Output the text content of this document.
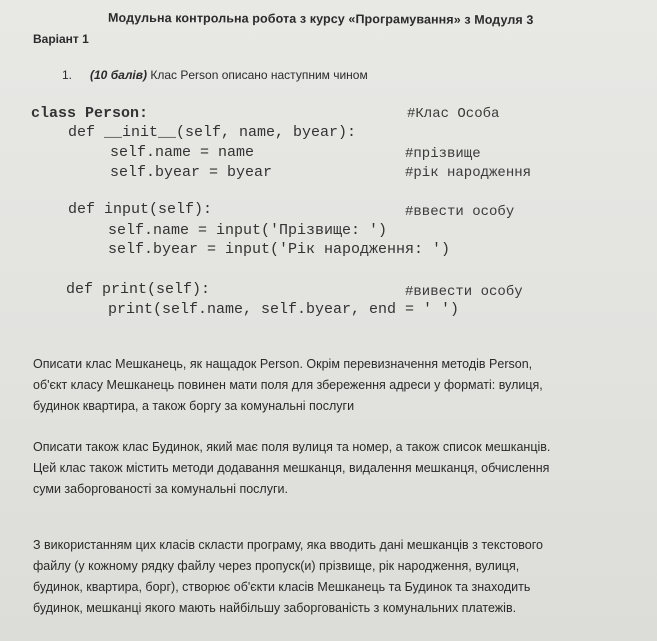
Модульна контрольна робота з курсу «Програмування» з Модуля 3
Варіант 1
1. (10 балів) Клас Person описано наступним чином
class Person:
def __init__(self, name, byear):
self.name = name
self.byear = byear
def input(self):
self.name = input('Прізвище: ')
self.byear = input('Рік народження: ')
def print(self):
print(self.name, self.byear, end = ' ')
#Клас Особа
#прізвище
#рік народження
#ввести особу
#вивести особу
Описати клас Мешканець, як нащадок Person. Окрім перевизначення методів Person,
об'єкт класу Мешканець повинен мати поля для збереження адреси у форматі: вулиця,
будинок квартира, а також боргу за комунальні послуги
Описати також клас Будинок, який має поля вулиця та номер, а також список мешканців.
Цей клас також містить методи додавання мешканця, видалення мешканця, обчислення
суми заборгованості за комунальні послуги.
З використанням цих класів скласти програму, яка вводить дані мешканців з текстового
файлу (у кожному рядку файлу через пропуск(и) прізвище, рік народження, вулиця,
будинок, квартира, борг), створює об'єкти класів Мешканець та Будинок та знаходить
будинок, мешканці якого мають найбільшу заборгованість з комунальних платежів.
